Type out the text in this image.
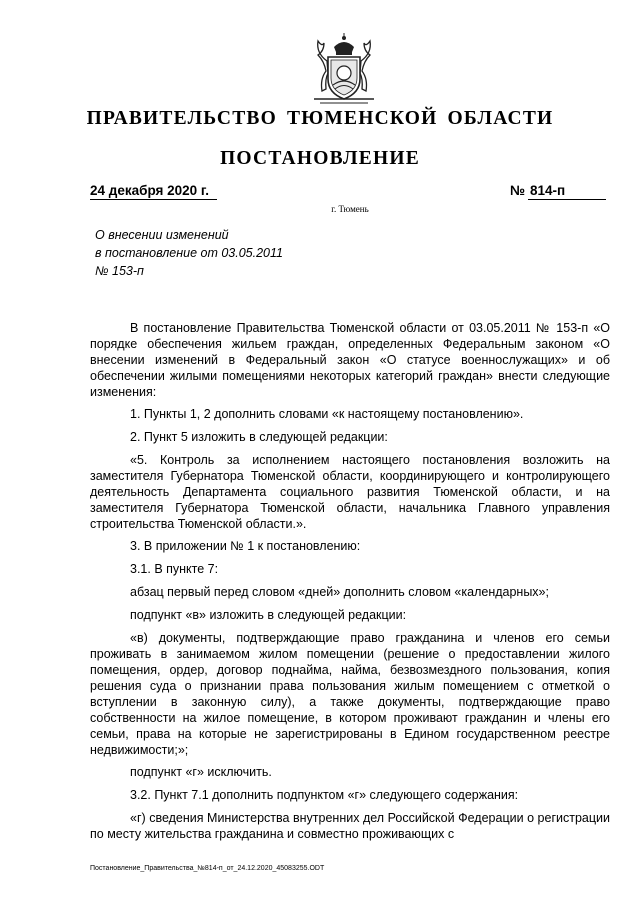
ПРАВИТЕЛЬСТВО ТЮМЕНСКОЙ ОБЛАСТИ
ПОСТАНОВЛЕНИЕ
24 декабря 2020 г.	№ 814-п
г. Тюмень
О внесении изменений
в постановление от 03.05.2011
№ 153-п

В постановление Правительства Тюменской области от 03.05.2011 № 153-п «О порядке обеспечения жильем граждан, определенных Федеральным законом «О внесении изменений в Федеральный закон «О статусе военнослужащих» и об обеспечении жилыми помещениями некоторых категорий граждан» внести следующие изменения:

1. Пункты 1, 2 дополнить словами «к настоящему постановлению».

2. Пункт 5 изложить в следующей редакции:

«5. Контроль за исполнением настоящего постановления возложить на заместителя Губернатора Тюменской области, координирующего и контролирующего деятельность Департамента социального развития Тюменской области, и на заместителя Губернатора Тюменской области, начальника Главного управления строительства Тюменской области.».

3. В приложении № 1 к постановлению:

3.1. В пункте 7:

абзац первый перед словом «дней» дополнить словом «календарных»;

подпункт «в» изложить в следующей редакции:

«в) документы, подтверждающие право гражданина и членов его семьи проживать в занимаемом жилом помещении (решение о предоставлении жилого помещения, ордер, договор поднайма, найма, безвозмездного пользования, копия решения суда о признании права пользования жилым помещением с отметкой о вступлении в законную силу), а также документы, подтверждающие право собственности на жилое помещение, в котором проживают гражданин и члены его семьи, права на которые не зарегистрированы в Едином государственном реестре недвижимости;»;

подпункт «г» исключить.

3.2. Пункт 7.1 дополнить подпунктом «г» следующего содержания:

«г) сведения Министерства внутренних дел Российской Федерации о регистрации по месту жительства гражданина и совместно проживающих с

Постановление_Правительства_№814-п_от_24.12.2020_45083255.ODT
